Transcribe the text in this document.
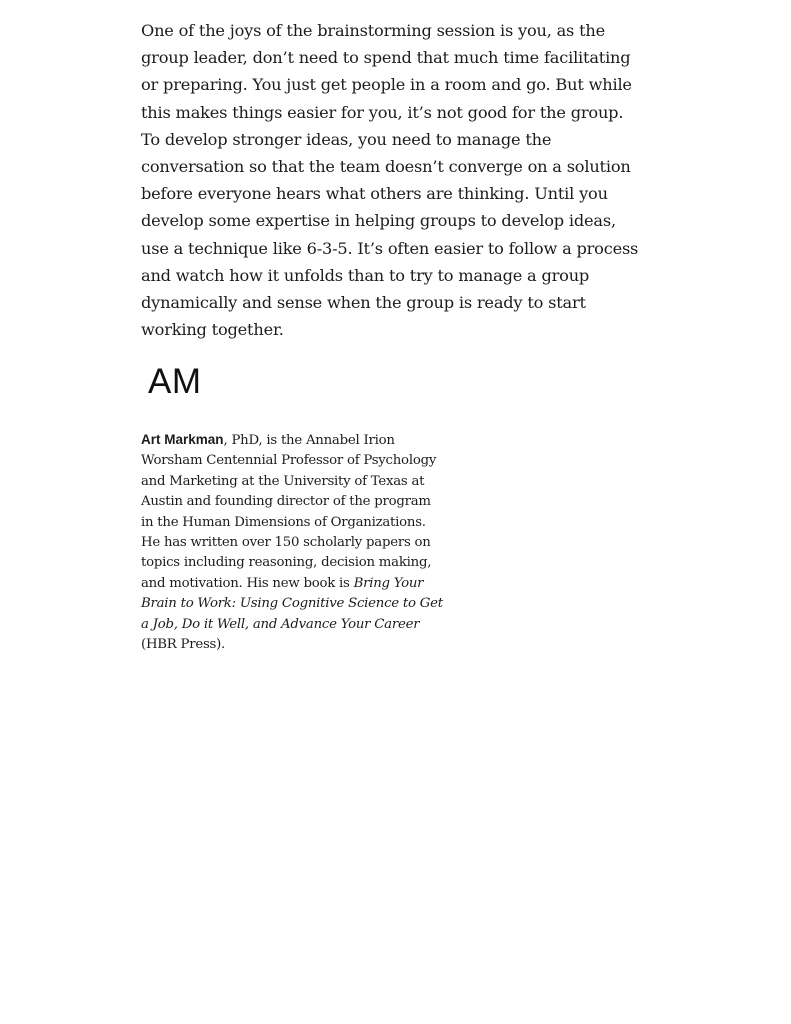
One of the joys of the brainstorming session is you, as the group leader, don’t need to spend that much time facilitating or preparing. You just get people in a room and go. But while this makes things easier for you, it’s not good for the group. To develop stronger ideas, you need to manage the conversation so that the team doesn’t converge on a solution before everyone hears what others are thinking. Until you develop some expertise in helping groups to develop ideas, use a technique like 6-3-5. It’s often easier to follow a process and watch how it unfolds than to try to manage a group dynamically and sense when the group is ready to start working together.

AM

Art Markman, PhD, is the Annabel Irion Worsham Centennial Professor of Psychology and Marketing at the University of Texas at Austin and founding director of the program in the Human Dimensions of Organizations. He has written over 150 scholarly papers on topics including reasoning, decision making, and motivation. His new book is Bring Your Brain to Work: Using Cognitive Science to Get a Job, Do it Well, and Advance Your Career (HBR Press).
